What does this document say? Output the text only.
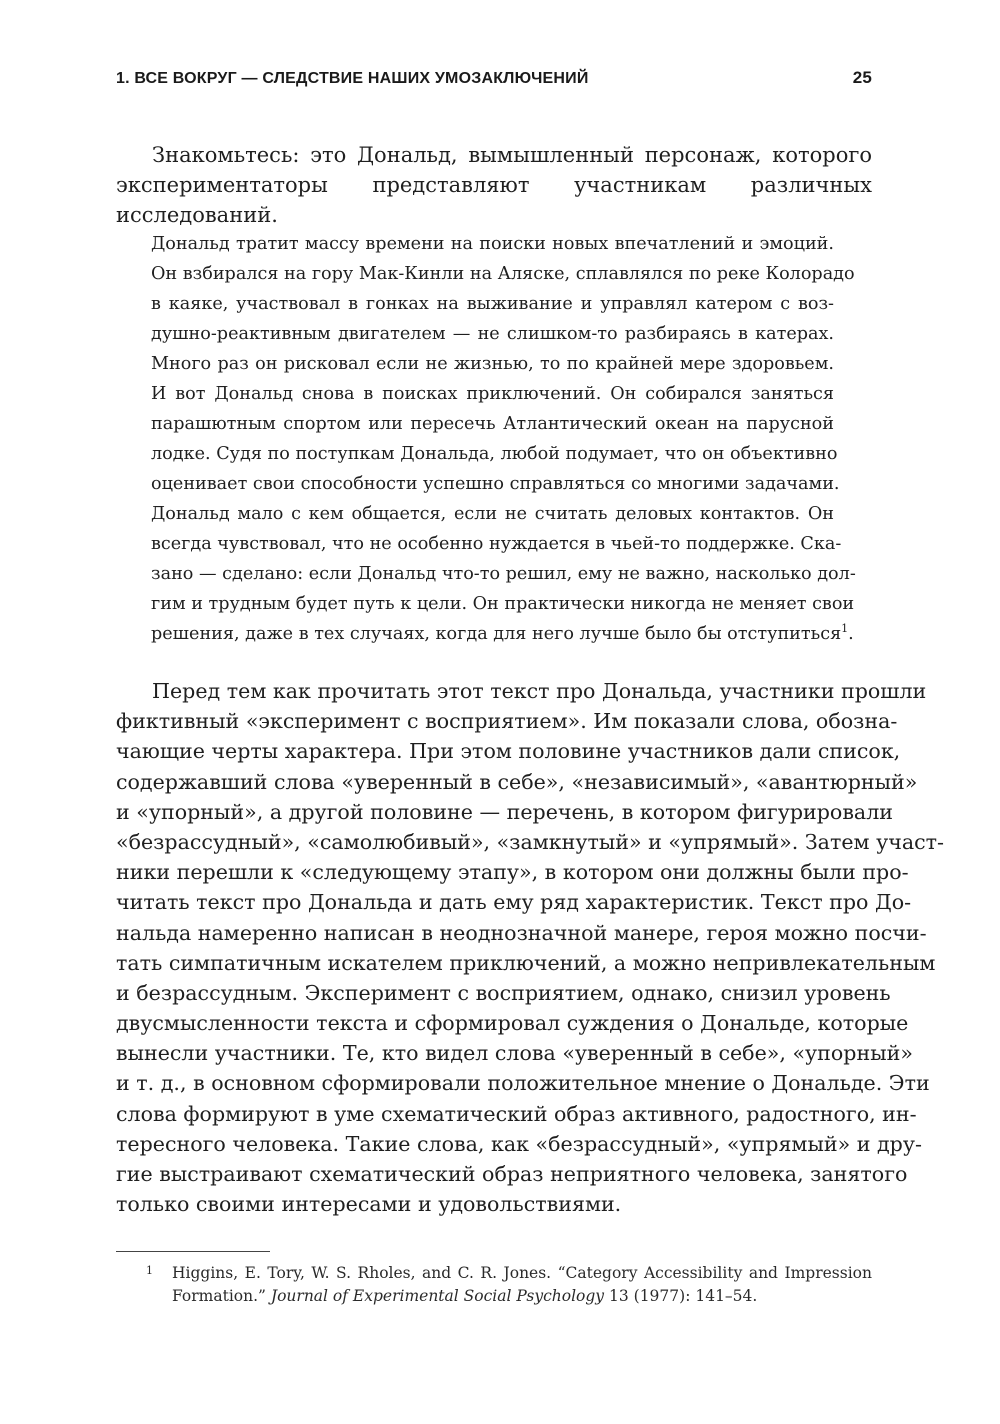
1. ВСЕ ВОКРУГ — СЛЕДСТВИЕ НАШИХ УМОЗАКЛЮЧЕНИЙ	25

Знакомьтесь: это Дональд, вымышленный персонаж, которого экспериментаторы представляют участникам различных исследований.

Дональд тратит массу времени на поиски новых впечатлений и эмоций.
Он взбирался на гору Мак-Кинли на Аляске, сплавлялся по реке Колорадо
в каяке, участвовал в гонках на выживание и управлял катером с воз-
душно-реактивным двигателем — не слишком-то разбираясь в катерах.
Много раз он рисковал если не жизнью, то по крайней мере здоровьем.
И вот Дональд снова в поисках приключений. Он собирался заняться
парашютным спортом или пересечь Атлантический океан на парусной
лодке. Судя по поступкам Дональда, любой подумает, что он объективно
оценивает свои способности успешно справляться со многими задачами.
Дональд мало с кем общается, если не считать деловых контактов. Он
всегда чувствовал, что не особенно нуждается в чьей-то поддержке. Ска-
зано — сделано: если Дональд что-то решил, ему не важно, насколько дол-
гим и трудным будет путь к цели. Он практически никогда не меняет свои
решения, даже в тех случаях, когда для него лучше было бы отступиться$^1$.
Перед тем как прочитать этот текст про Дональда, участники прошли
фиктивный «эксперимент с восприятием». Им показали слова, обозна-
чающие черты характера. При этом половине участников дали список,
содержавший слова «уверенный в себе», «независимый», «авантюрный»
и «упорный», а другой половине — перечень, в котором фигурировали
«безрассудный», «самолюбивый», «замкнутый» и «упрямый». Затем участ-
ники перешли к «следующему этапу», в котором они должны были про-
читать текст про Дональда и дать ему ряд характеристик. Текст про До-
нальда намеренно написан в неоднозначной манере, героя можно посчи-
тать симпатичным искателем приключений, а можно непривлекательным
и безрассудным. Эксперимент с восприятием, однако, снизил уровень
двусмысленности текста и сформировал суждения о Дональде, которые
вынесли участники. Те, кто видел слова «уверенный в себе», «упорный»
и т. д., в основном сформировали положительное мнение о Дональде. Эти
слова формируют в уме схематический образ активного, радостного, ин-
тересного человека. Такие слова, как «безрассудный», «упрямый» и дру-
гие выстраивают схематический образ неприятного человека, занятого
только своими интересами и удовольствиями.
1	Higgins, E. Tory, W. S. Rholes, and C. R. Jones. “Category Accessibility and Impression
Formation.” Journal of Experimental Social Psychology 13 (1977): 141–54.
